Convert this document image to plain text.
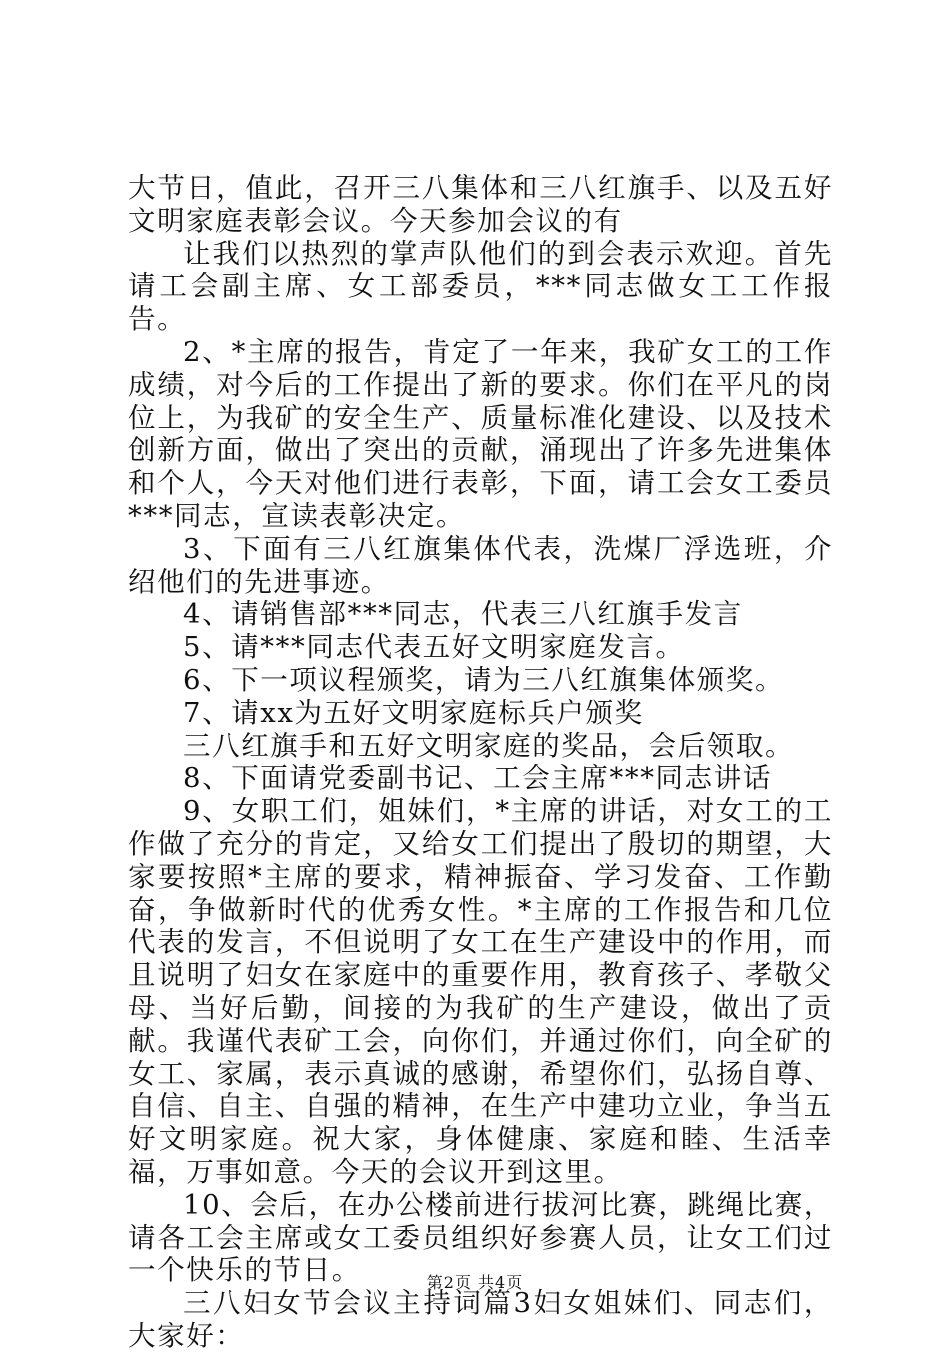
大节日，值此，召开三八集体和三八红旗手、以及五好文明家庭表彰会议。今天参加会议的有

让我们以热烈的掌声队他们的到会表示欢迎。首先请工会副主席、女工部委员，***同志做女工工作报告。

2、*主席的报告，肯定了一年来，我矿女工的工作成绩，对今后的工作提出了新的要求。你们在平凡的岗位上，为我矿的安全生产、质量标准化建设、以及技术创新方面，做出了突出的贡献，涌现出了许多先进集体和个人，今天对他们进行表彰，下面，请工会女工委员***同志，宣读表彰决定。

3、下面有三八红旗集体代表，洗煤厂浮选班，介绍他们的先进事迹。

4、请销售部***同志，代表三八红旗手发言

5、请***同志代表五好文明家庭发言。

6、下一项议程颁奖，请为三八红旗集体颁奖。

7、请xx为五好文明家庭标兵户颁奖

三八红旗手和五好文明家庭的奖品，会后领取。

8、下面请党委副书记、工会主席***同志讲话

9、女职工们，姐妹们，*主席的讲话，对女工的工作做了充分的肯定，又给女工们提出了殷切的期望，大家要按照*主席的要求，精神振奋、学习发奋、工作勤奋，争做新时代的优秀女性。*主席的工作报告和几位代表的发言，不但说明了女工在生产建设中的作用，而且说明了妇女在家庭中的重要作用，教育孩子、孝敬父母、当好后勤，间接的为我矿的生产建设，做出了贡献。我谨代表矿工会，向你们，并通过你们，向全矿的女工、家属，表示真诚的感谢，希望你们，弘扬自尊、自信、自主、自强的精神，在生产中建功立业，争当五好文明家庭。祝大家，身体健康、家庭和睦、生活幸福，万事如意。今天的会议开到这里。

10、会后，在办公楼前进行拔河比赛，跳绳比赛，请各工会主席或女工委员组织好参赛人员，让女工们过一个快乐的节日。

三八妇女节会议主持词篇3妇女姐妹们、同志们，大家好：

第2页 共4页
